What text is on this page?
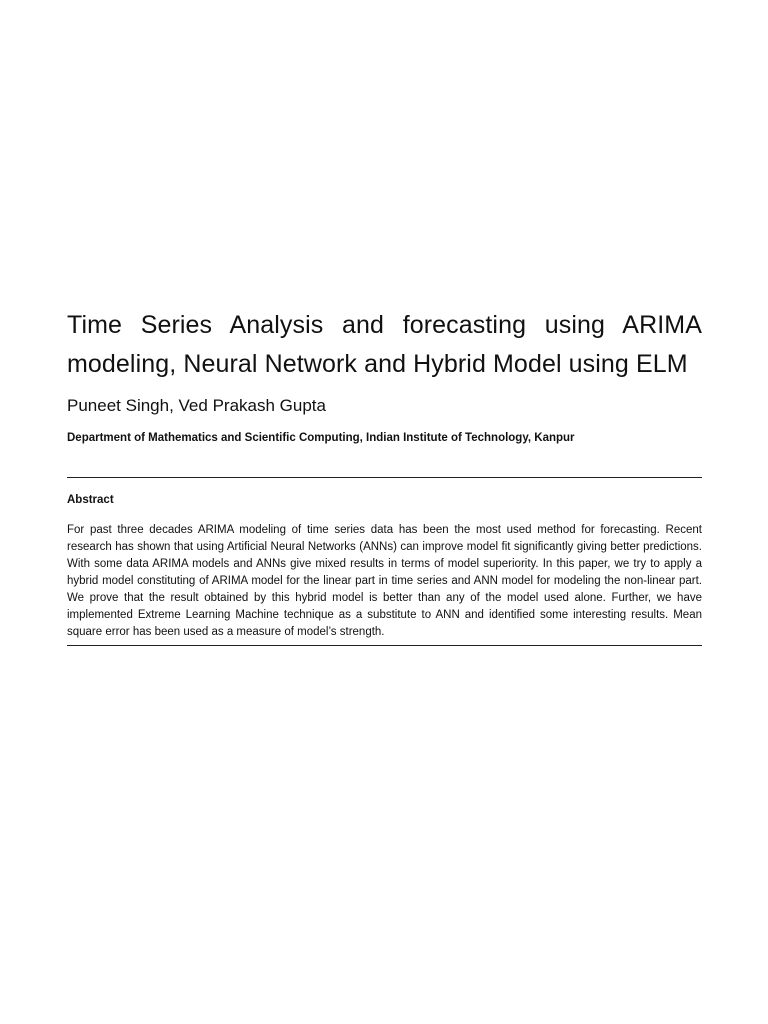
Time Series Analysis and forecasting using ARIMA modeling, Neural Network and Hybrid Model using ELM
Puneet Singh, Ved Prakash Gupta
Department of Mathematics and Scientific Computing, Indian Institute of Technology, Kanpur
Abstract
For past three decades ARIMA modeling of time series data has been the most used method for forecasting. Recent research has shown that using Artificial Neural Networks (ANNs) can improve model fit significantly giving better predictions. With some data ARIMA models and ANNs give mixed results in terms of model superiority. In this paper, we try to apply a hybrid model constituting of ARIMA model for the linear part in time series and ANN model for modeling the non-linear part. We prove that the result obtained by this hybrid model is better than any of the model used alone. Further, we have implemented Extreme Learning Machine technique as a substitute to ANN and identified some interesting results. Mean square error has been used as a measure of model’s strength.
